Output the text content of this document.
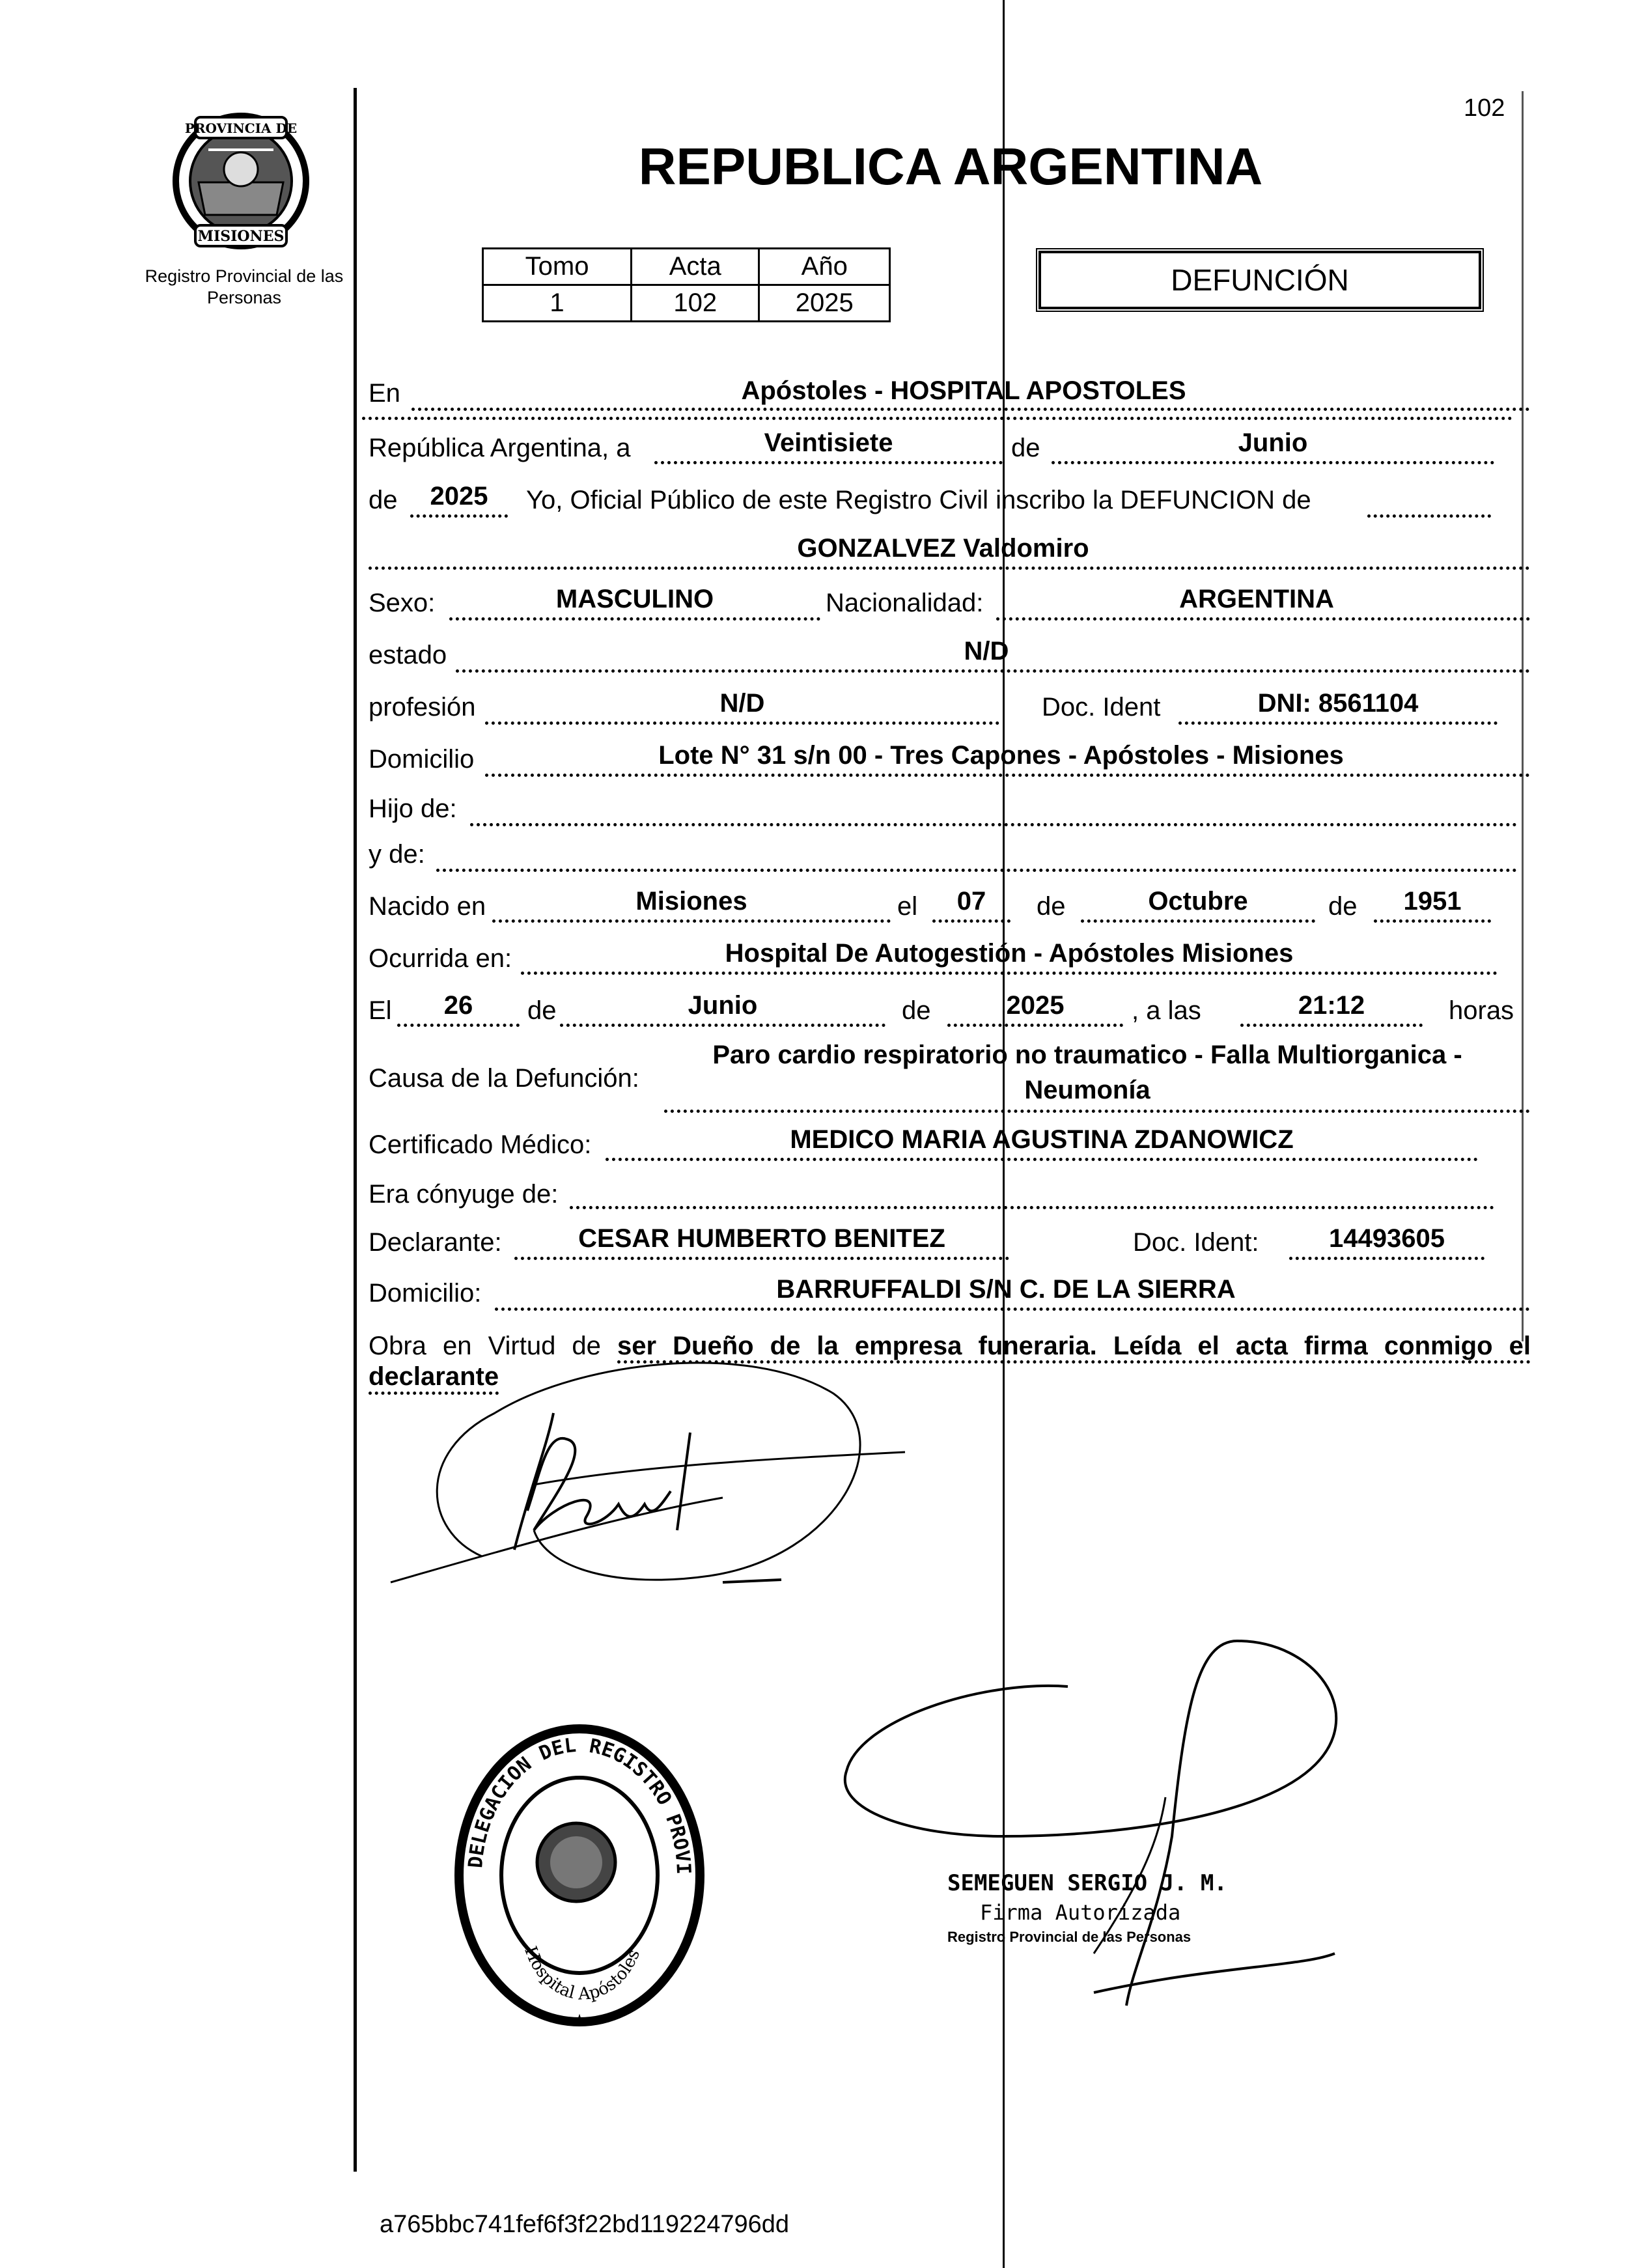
PROVINCIA DE
MISIONES
Registro Provincial de las Personas
102
REPUBLICA ARGENTINA
Tomo	Acta	Año
1	102	2025
DEFUNCIÓN
En	Apóstoles - HOSPITAL APOSTOLES
República Argentina, a	Veintisiete	de	Junio
de	2025	Yo, Oficial Público de este Registro Civil inscribo la DEFUNCION de
GONZALVEZ Valdomiro
Sexo:	MASCULINO	Nacionalidad:	ARGENTINA
estado	N/D
profesión	N/D	Doc. Ident	DNI: 8561104
Domicilio	Lote N° 31 s/n 00 - Tres Capones - Apóstoles - Misiones
Hijo de:
y de:
Nacido en	Misiones	el	07	de	Octubre	de	1951
Ocurrida en:	Hospital De Autogestión - Apóstoles Misiones
El	26	de	Junio	de	2025	, a las	21:12	horas
Causa de la Defunción:
Paro cardio respiratorio no traumatico - Falla Multiorganica -
Neumonía
Certificado Médico:	MEDICO MARIA AGUSTINA ZDANOWICZ
Era cónyuge de:
Declarante:	CESAR HUMBERTO BENITEZ	Doc. Ident:	14493605
Domicilio:	BARRUFFALDI S/N C. DE LA SIERRA
Obra en Virtud de ser Dueño de la empresa funeraria. Leída el acta firma conmigo el
declarante
DELEGACION DEL REGISTRO PROVI
Hospital Apóstoles
★
SEMEGUEN SERGIO J. M.
Firma Autorizada
Registro Provincial de las Personas
a765bbc741fef6f3f22bd119224796dd
